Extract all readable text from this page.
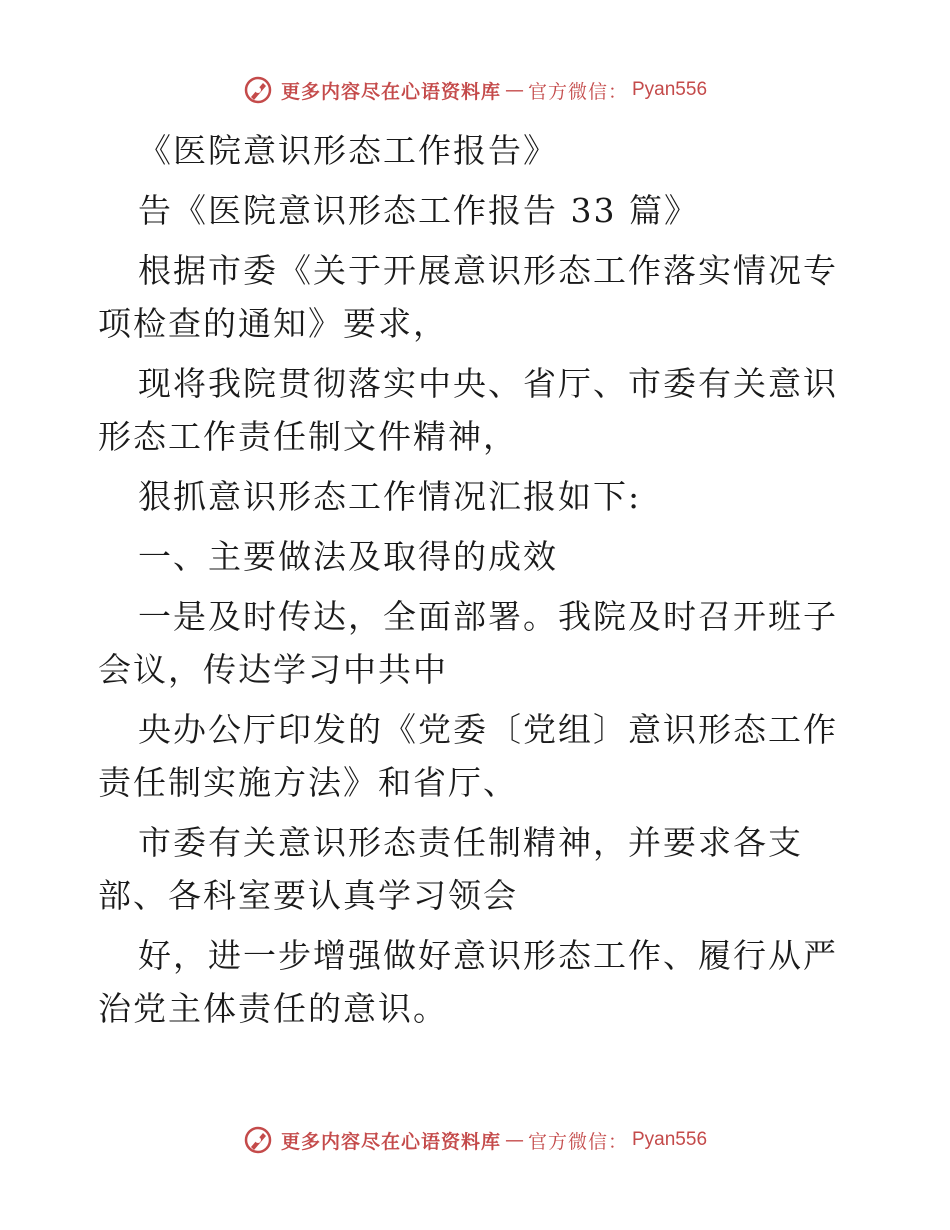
更多内容尽在心语资料库 — 官方微信： Pyan556

《医院意识形态工作报告》

告《医院意识形态工作报告 33 篇》

根据市委《关于开展意识形态工作落实情况专项检查的通知》要求，

现将我院贯彻落实中央、省厅、市委有关意识形态工作责任制文件精神，

狠抓意识形态工作情况汇报如下:

一、主要做法及取得的成效

一是及时传达，全面部署。我院及时召开班子会议，传达学习中共中

央办公厅印发的《党委〔党组〕意识形态工作责任制实施方法》和省厅、

市委有关意识形态责任制精神，并要求各支部、各科室要认真学习领会

好，进一步增强做好意识形态工作、履行从严治党主体责任的意识。

更多内容尽在心语资料库 — 官方微信： Pyan556
